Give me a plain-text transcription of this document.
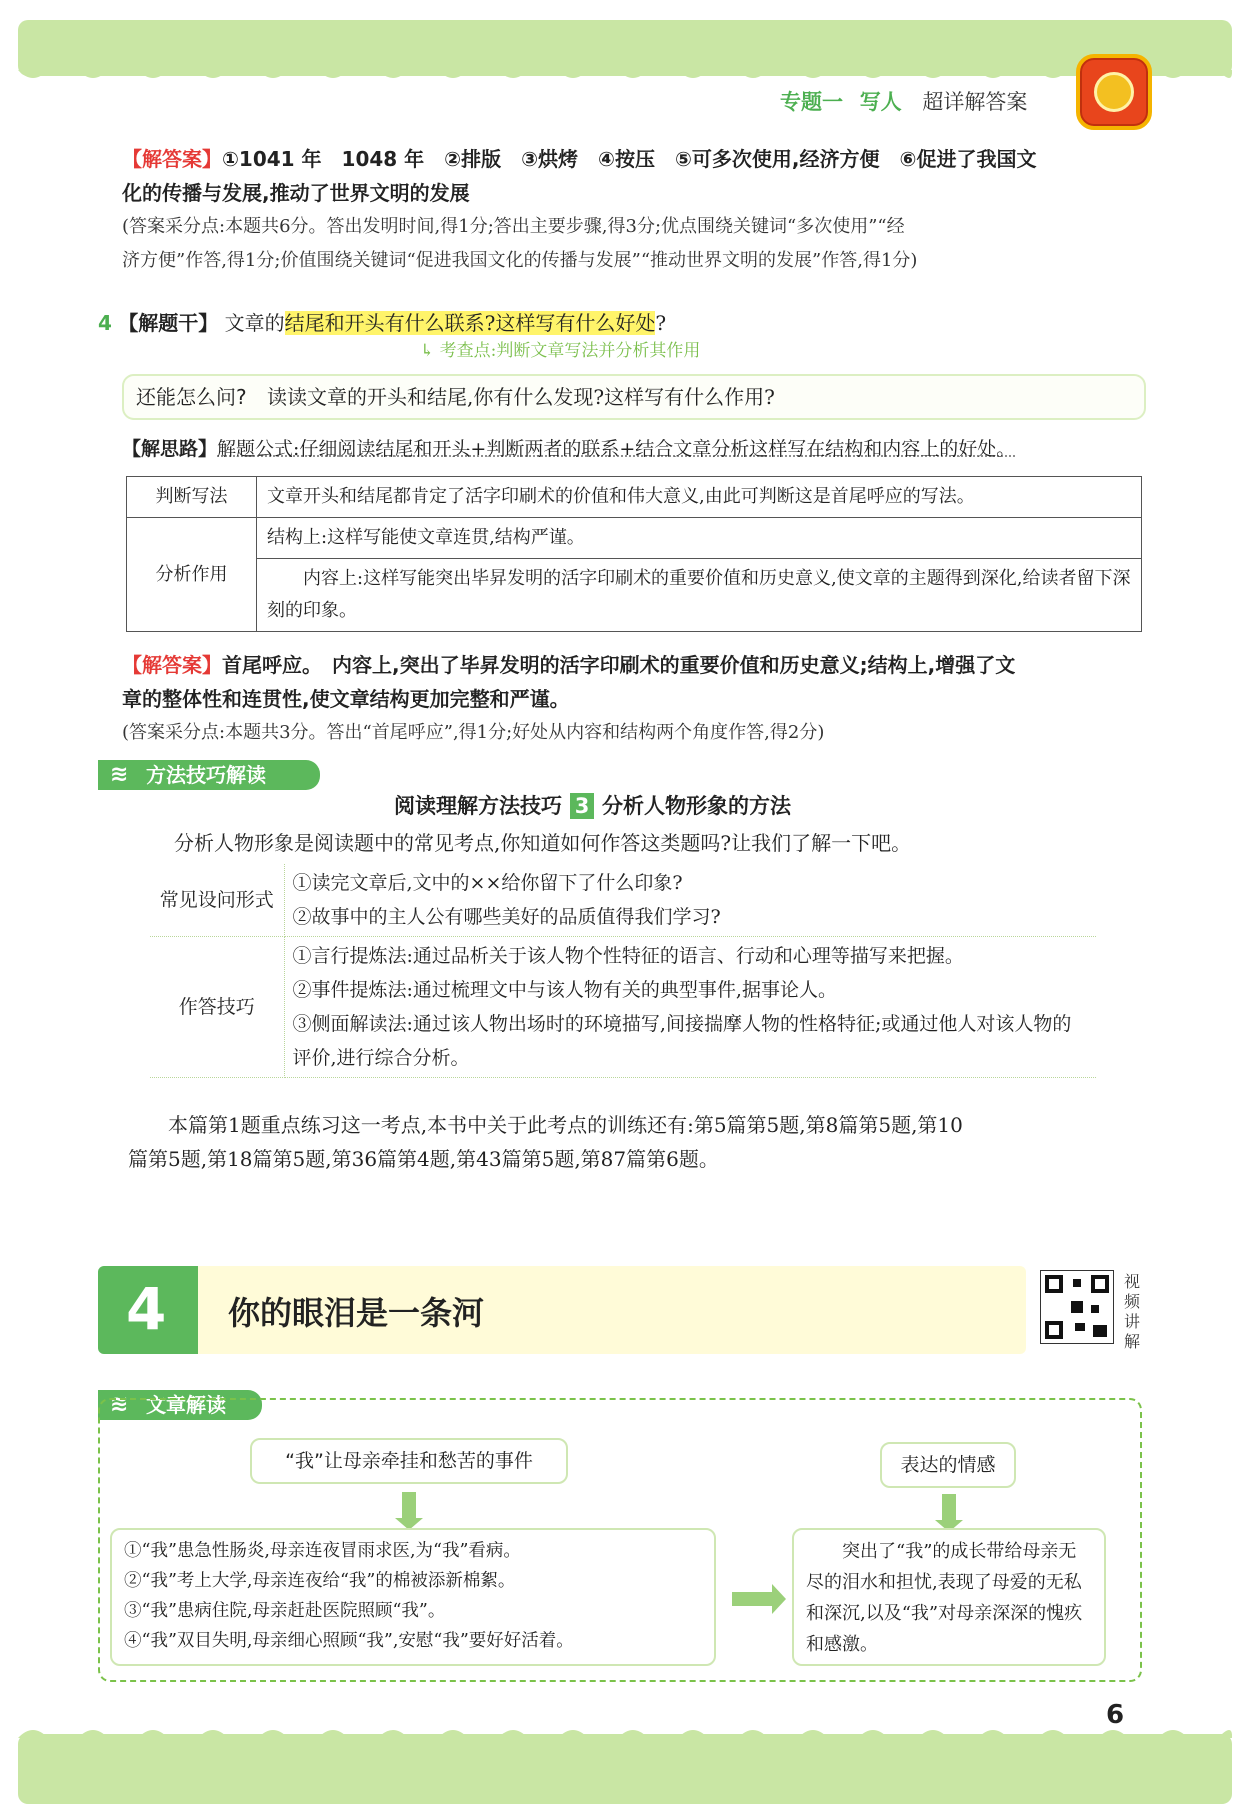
专题一 写人 超详解答案
【解答案】①1041 年　1048 年　②排版　③烘烤　④按压　⑤可多次使用,经济方便　⑥促进了我国文
化的传播与发展,推动了世界文明的发展
(答案采分点:本题共6分。答出发明时间,得1分;答出主要步骤,得3分;优点围绕关键词“多次使用”“经
济方便”作答,得1分;价值围绕关键词“促进我国文化的传播与发展”“推动世界文明的发展”作答,得1分)
4 【解题干】 文章的结尾和开头有什么联系?这样写有什么好处?
↳ 考查点:判断文章写法并分析其作用
还能怎么问? 读读文章的开头和结尾,你有什么发现?这样写有什么作用?
【解思路】解题公式:仔细阅读结尾和开头+判断两者的联系+结合文章分析这样写在结构和内容上的好处。
判断写法	文章开头和结尾都肯定了活字印刷术的价值和伟大意义,由此可判断这是首尾呼应的写法。
分析作用	结构上:这样写能使文章连贯,结构严谨。
	内容上:这样写能突出毕昇发明的活字印刷术的重要价值和历史意义,使文章的主题得到深化,给读者留下深刻的印象。
【解答案】首尾呼应。　内容上,突出了毕昇发明的活字印刷术的重要价值和历史意义;结构上,增强了文
章的整体性和连贯性,使文章结构更加完整和严谨。
(答案采分点:本题共3分。答出“首尾呼应”,得1分;好处从内容和结构两个角度作答,得2分)
≋ 方法技巧解读
阅读理解方法技巧 3 分析人物形象的方法
分析人物形象是阅读题中的常见考点,你知道如何作答这类题吗?让我们了解一下吧。
常见设问形式	①读完文章后,文中的××给你留下了什么印象?
②故事中的主人公有哪些美好的品质值得我们学习?

作答技巧	①言行提炼法:通过品析关于该人物个性特征的语言、行动和心理等描写来把握。
②事件提炼法:通过梳理文中与该人物有关的典型事件,据事论人。
③侧面解读法:通过该人物出场时的环境描写,间接揣摩人物的性格特征;或通过他人对该人物的评价,进行综合分析。
本篇第1题重点练习这一考点,本书中关于此考点的训练还有:第5篇第5题,第8篇第5题,第10
篇第5题,第18篇第5题,第36篇第4题,第43篇第5题,第87篇第6题。
4 你的眼泪是一条河
视频讲解
≋ 文章解读
“我”让母亲牵挂和愁苦的事件
①“我”患急性肠炎,母亲连夜冒雨求医,为“我”看病。
②“我”考上大学,母亲连夜给“我”的棉被添新棉絮。
③“我”患病住院,母亲赶赴医院照顾“我”。
④“我”双目失明,母亲细心照顾“我”,安慰“我”要好好活着。
表达的情感
突出了“我”的成长带给母亲无尽的泪水和担忧,表现了母爱的无私和深沉,以及“我”对母亲深深的愧疚和感激。
6
